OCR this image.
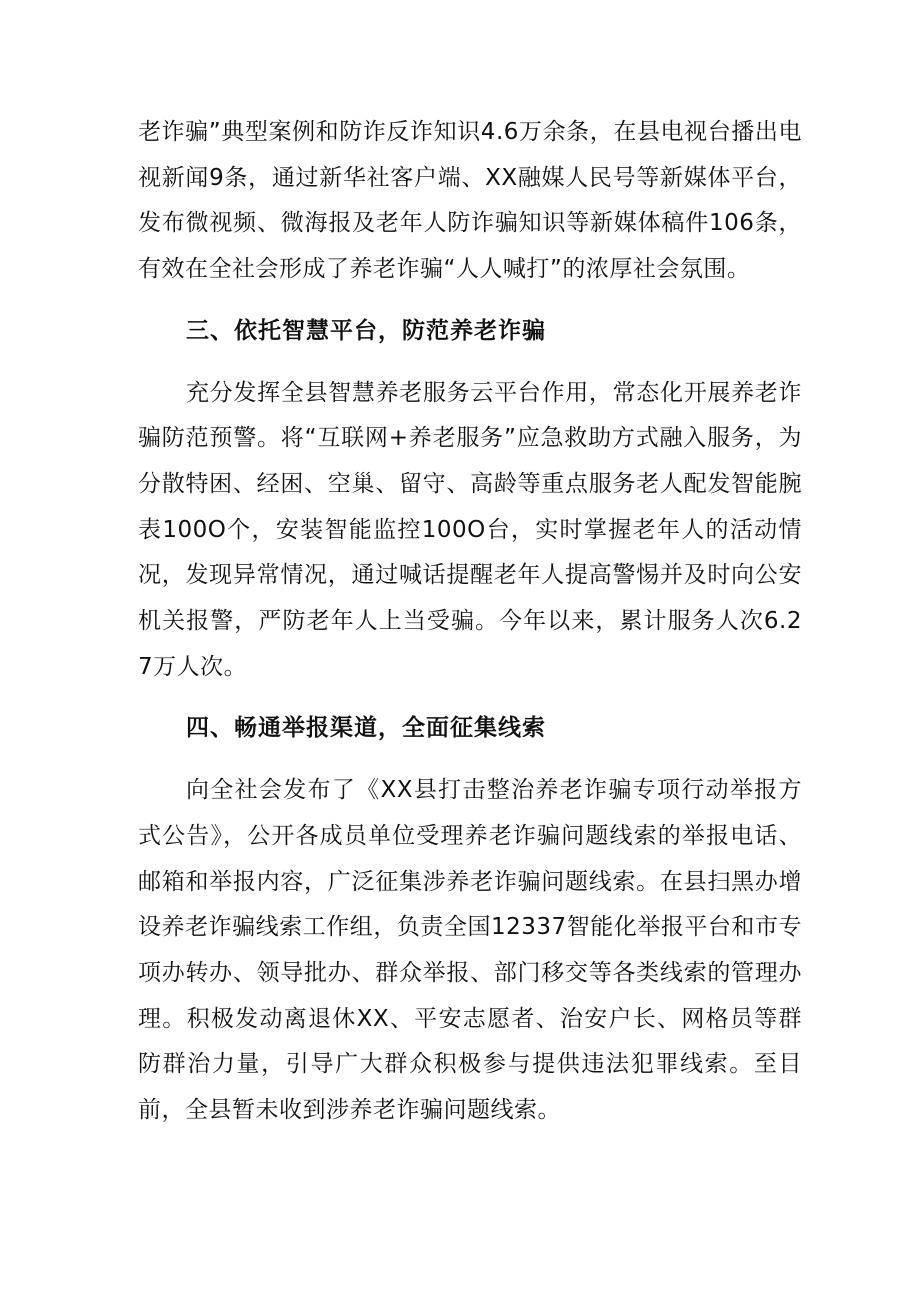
老诈骗”典型案例和防诈反诈知识4.6万余条，在县电视台播出电视新闻9条，通过新华社客户端、XX融媒人民号等新媒体平台，发布微视频、微海报及老年人防诈骗知识等新媒体稿件106条，有效在全社会形成了养老诈骗“人人喊打”的浓厚社会氛围。

三、依托智慧平台，防范养老诈骗

充分发挥全县智慧养老服务云平台作用，常态化开展养老诈骗防范预警。将“互联网+养老服务”应急救助方式融入服务，为分散特困、经困、空巢、留守、高龄等重点服务老人配发智能腕表100O个，安装智能监控100O台，实时掌握老年人的活动情况，发现异常情况，通过喊话提醒老年人提高警惕并及时向公安机关报警，严防老年人上当受骗。今年以来，累计服务人次6.27万人次。

四、畅通举报渠道，全面征集线索

向全社会发布了《XX县打击整治养老诈骗专项行动举报方式公告》，公开各成员单位受理养老诈骗问题线索的举报电话、邮箱和举报内容，广泛征集涉养老诈骗问题线索。在县扫黑办增设养老诈骗线索工作组，负责全国12337智能化举报平台和市专项办转办、领导批办、群众举报、部门移交等各类线索的管理办理。积极发动离退休XX、平安志愿者、治安户长、网格员等群防群治力量，引导广大群众积极参与提供违法犯罪线索。至目前，全县暂未收到涉养老诈骗问题线索。
